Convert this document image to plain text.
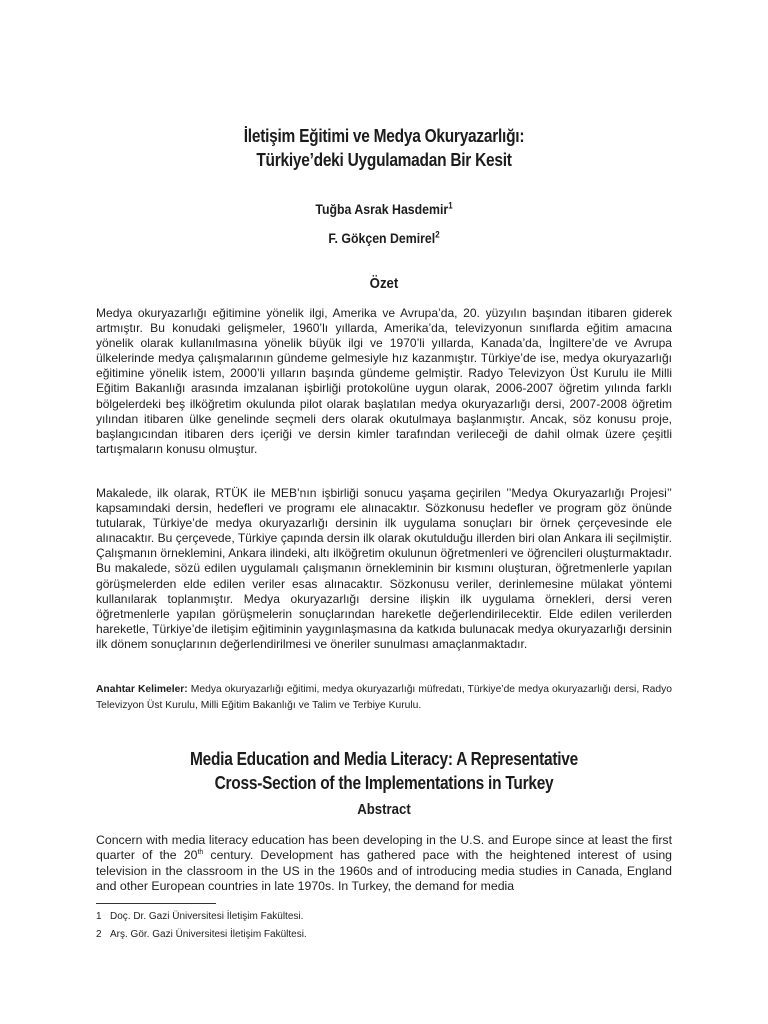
İletişim Eğitimi ve Medya Okuryazarlığı:
Türkiye’deki Uygulamadan Bir Kesit
Tuğba Asrak Hasdemir$^1$
F. Gökçen Demirel$^2$
Özet

Medya okuryazarlığı eğitimine yönelik ilgi, Amerika ve Avrupa’da, 20. yüzyılın başından itibaren giderek artmıştır. Bu konudaki gelişmeler, 1960’lı yıllarda, Amerika’da, televizyonun sınıflarda eğitim amacına yönelik olarak kullanılmasına yönelik büyük ilgi ve 1970’li yıllarda, Kanada’da, İngiltere’de ve Avrupa ülkelerinde medya çalışmalarının gündeme gelmesiyle hız kazanmıştır. Türkiye’de ise, medya okuryazarlığı eğitimine yönelik istem, 2000’li yılların başında gündeme gelmiştir. Radyo Televizyon Üst Kurulu ile Milli Eğitim Bakanlığı arasında imzalanan işbirliği protokolüne uygun olarak, 2006-2007 öğretim yılında farklı bölgelerdeki beş ilköğretim okulunda pilot olarak başlatılan medya okuryazarlığı dersi, 2007-2008 öğretim yılından itibaren ülke genelinde seçmeli ders olarak okutulmaya başlanmıştır. Ancak, söz konusu proje, başlangıcından itibaren ders içeriği ve dersin kimler tarafından verileceği de dahil olmak üzere çeşitli tartışmaların konusu olmuştur.

Makalede, ilk olarak, RTÜK ile MEB’nın işbirliği sonucu yaşama geçirilen ’’Medya Okuryazarlığı Projesi’’ kapsamındaki dersin, hedefleri ve programı ele alınacaktır. Sözkonusu hedefler ve program göz önünde tutularak, Türkiye’de medya okuryazarlığı dersinin ilk uygulama sonuçları bir örnek çerçevesinde ele alınacaktır. Bu çerçevede, Türkiye çapında dersin ilk olarak okutulduğu illerden biri olan Ankara ili seçilmiştir. Çalışmanın örneklemini, Ankara ilindeki, altı ilköğretim okulunun öğretmenleri ve öğrencileri oluşturmaktadır. Bu makalede, sözü edilen uygulamalı çalışmanın örnekleminin bir kısmını oluşturan, öğretmenlerle yapılan görüşmelerden elde edilen veriler esas alınacaktır. Sözkonusu veriler, derinlemesine mülakat yöntemi kullanılarak toplanmıştır. Medya okuryazarlığı dersine ilişkin ilk uygulama örnekleri, dersi veren öğretmenlerle yapılan görüşmelerin sonuçlarından hareketle değerlendirilecektir. Elde edilen verilerden hareketle, Türkiye’de iletişim eğitiminin yaygınlaşmasına da katkıda bulunacak medya okuryazarlığı dersinin ilk dönem sonuçlarının değerlendirilmesi ve öneriler sunulması amaçlanmaktadır.

Anahtar Kelimeler: Medya okuryazarlığı eğitimi, medya okuryazarlığı müfredatı, Türkiye’de medya okuryazarlığı dersi, Radyo Televizyon Üst Kurulu, Milli Eğitim Bakanlığı ve Talim ve Terbiye Kurulu.
Media Education and Media Literacy: A Representative
Cross-Section of the Implementations in Turkey
Abstract

Concern with media literacy education has been developing in the U.S. and Europe since at least the first quarter of the 20th century. Development has gathered pace with the heightened interest of using television in the classroom in the US in the 1960s and of introducing media studies in Canada, England and other European countries in late 1970s. In Turkey, the demand for media

1 Doç. Dr. Gazi Üniversitesi İletişim Fakültesi.
2 Arş. Gör. Gazi Üniversitesi İletişim Fakültesi.
